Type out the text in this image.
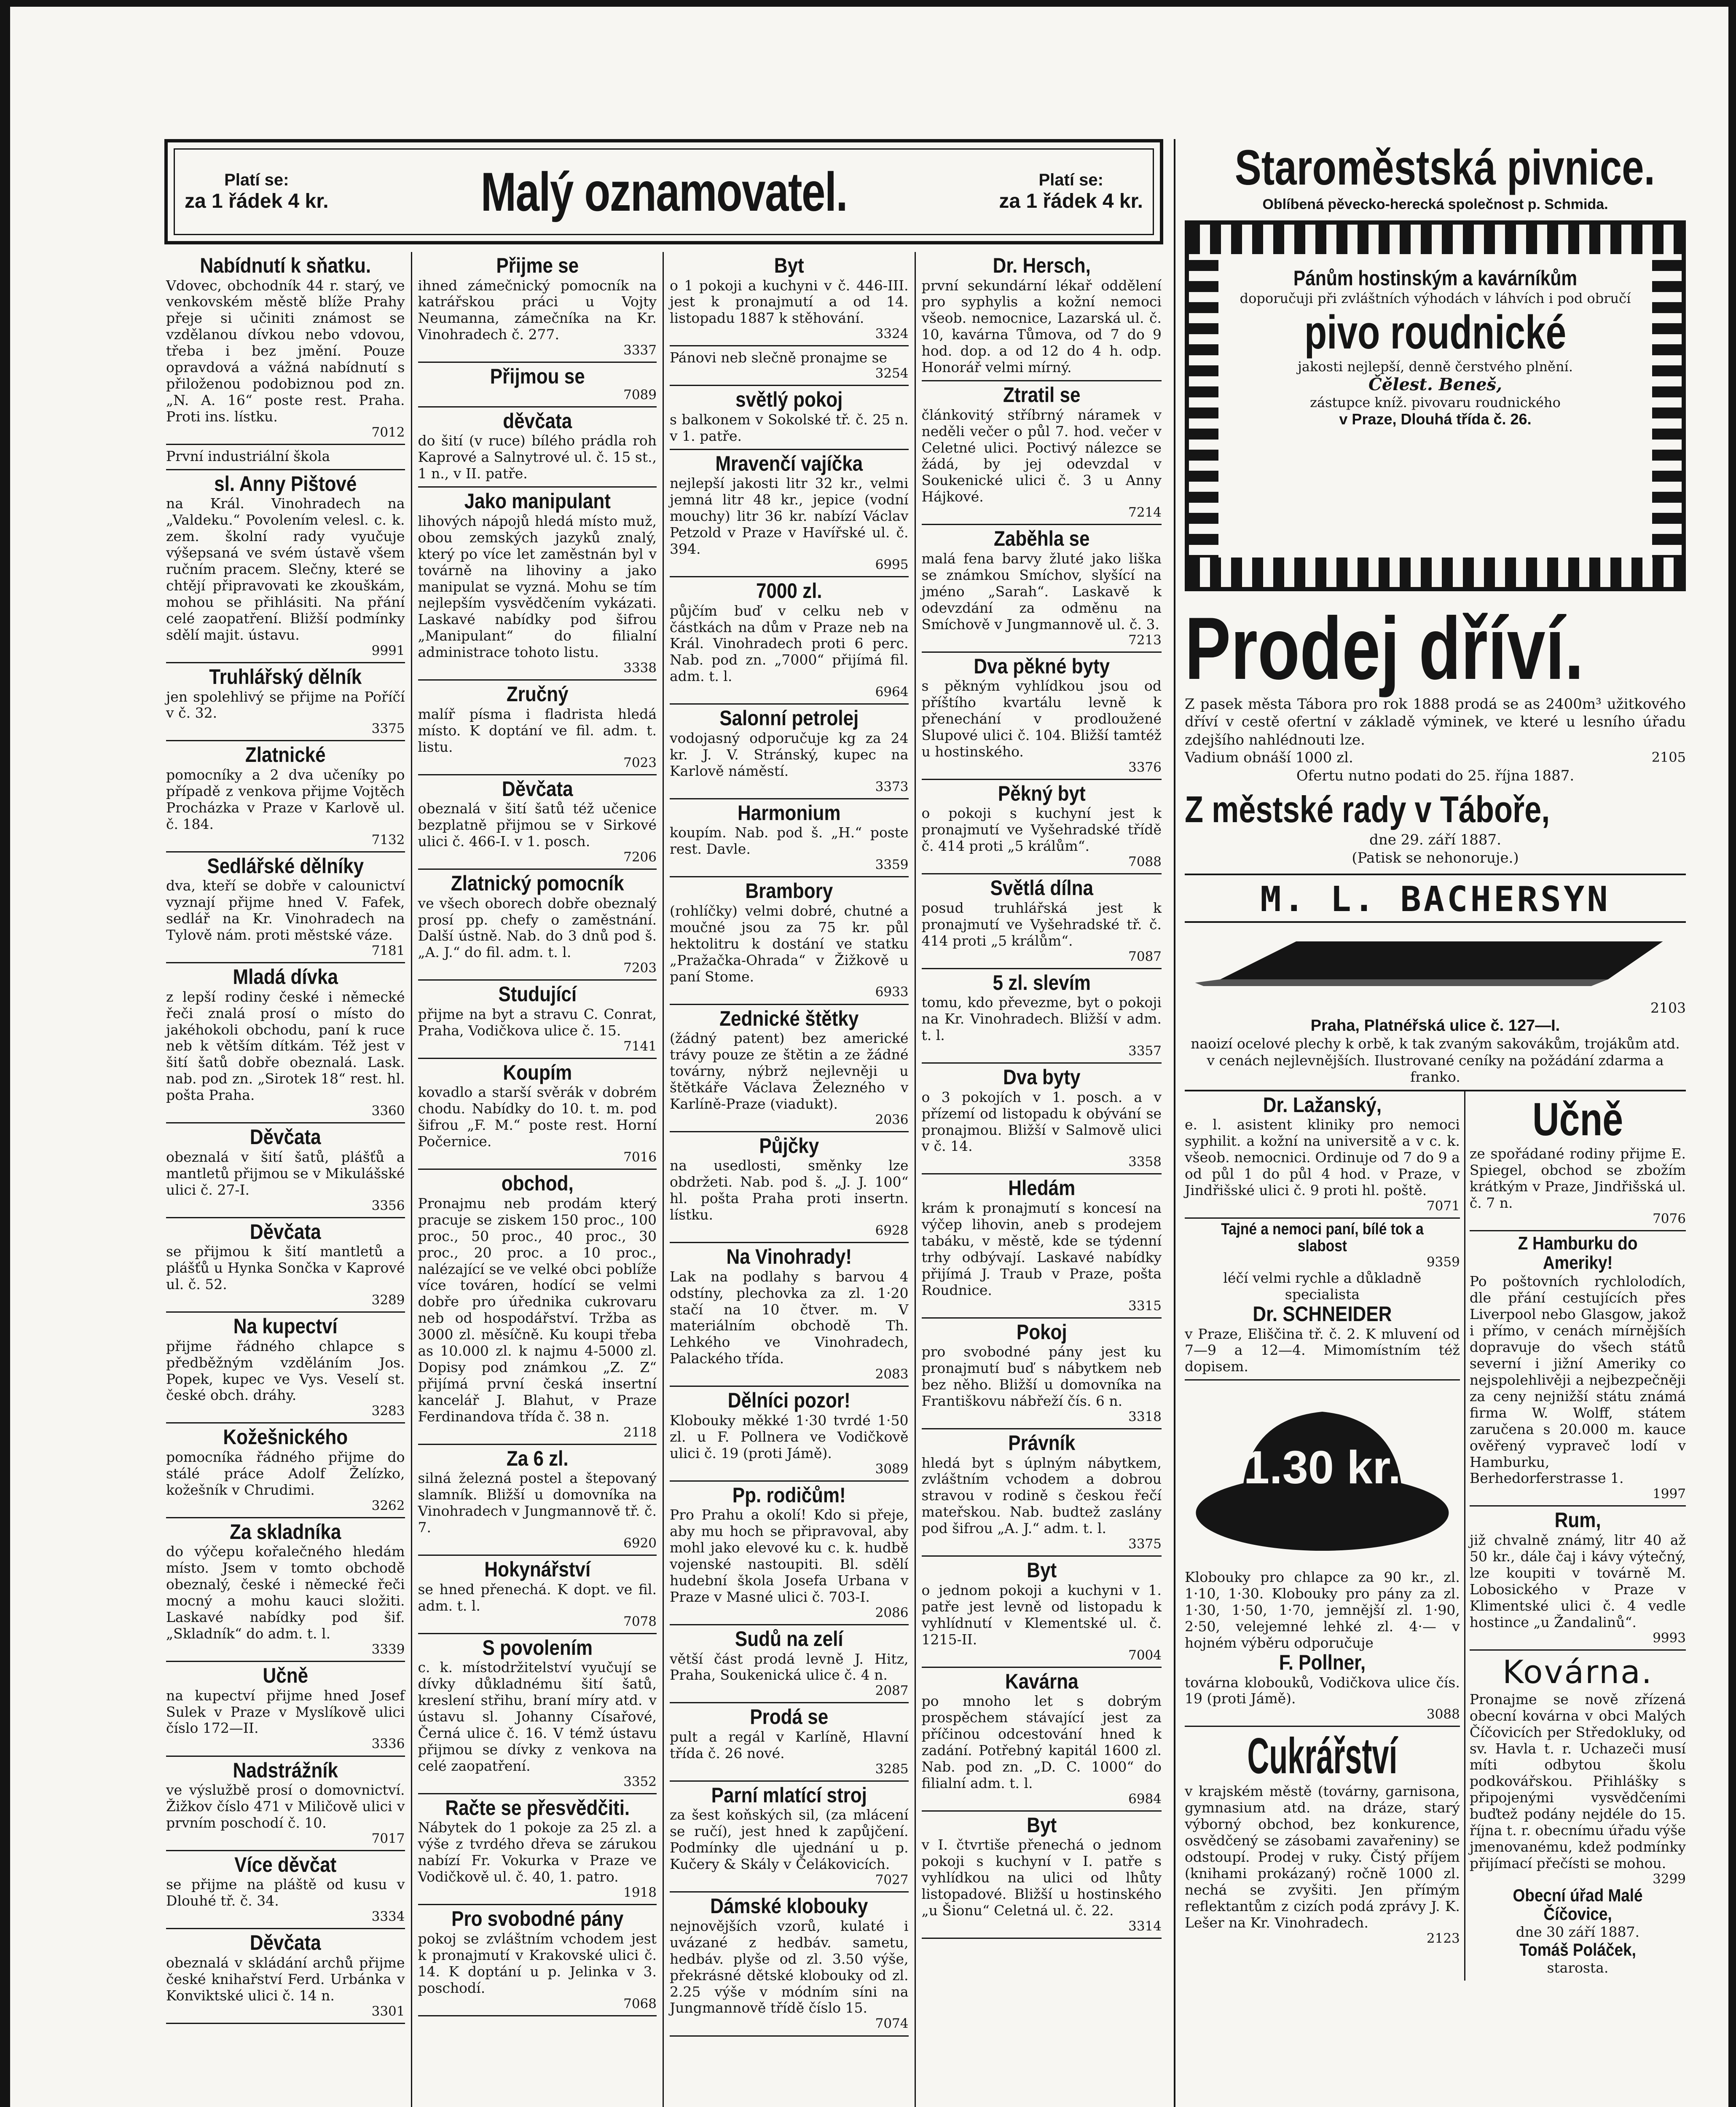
Platí se:
za 1 řádek 4 kr.	Malý oznamovatel.	Platí se:
za 1 řádek 4 kr.
Nabídnutí k sňatku.

Vdovec, obchodník 44 r. starý, ve venkovském městě blíže Prahy přeje si učiniti známost se vzdělanou dívkou nebo vdovou, třeba i bez jmění. Pouze opravdová a vážná nabídnutí s přiloženou podobiznou pod zn. „N. A. 16“ poste rest. Praha. Proti ins. lístku.

7012

První industriální škola

sl. Anny Pištové

na Král. Vinohradech na „Valdeku.“ Povolením velesl. c. k. zem. školní rady vyučuje výšepsaná ve svém ústavě všem ručním pracem. Slečny, které se chtějí připravovati ke zkouškám, mohou se přihlásiti. Na přání celé zaopatření. Bližší podmínky sdělí majit. ústavu.

9991
Truhlářský dělník

jen spolehlivý se přijme na Poříčí v č. 32.

3375
Zlatnické

pomocníky a 2 dva učeníky po případě z venkova přijme Vojtěch Procházka v Praze v Karlově ul. č. 184.

7132
Sedlářské dělníky

dva, kteří se dobře v calounictví vyznají přijme hned V. Fafek, sedlář na Kr. Vinohradech na Tylově nám. proti městské váze.

7181
Mladá dívka

z lepší rodiny české i německé řeči znalá prosí o místo do jakéhokoli obchodu, paní k ruce neb k větším dítkám. Též jest v šití šatů dobře obeznalá. Lask. nab. pod zn. „Sirotek 18“ rest. hl. pošta Praha.

3360
Děvčata

obeznalá v šití šatů, plášťů a mantletů přijmou se v Mikulášské ulici č. 27-I.

3356
Děvčata

se přijmou k šití mantletů a plášťů u Hynka Sončka v Kaprové ul. č. 52.

3289
Na kupectví

přijme řádného chlapce s předběžným vzděláním Jos. Popek, kupec ve Vys. Veselí st. české obch. dráhy.

3283
Kožešnického

pomocníka řádného přijme do stálé práce Adolf Želízko, kožešník v Chrudimi.

3262
Za skladníka

do výčepu kořalečného hledám místo. Jsem v tomto obchodě obeznalý, české i německé řeči mocný a mohu kauci složiti. Laskavé nabídky pod šif. „Skladník“ do adm. t. l.

3339
Učně

na kupectví přijme hned Josef Sulek v Praze v Myslíkově ulici číslo 172—II.

3336
Nadstrážník

ve výslužbě prosí o domovnictví. Žižkov číslo 471 v Miličově ulici v prvním poschodí č. 10.

7017
Více děvčat

se přijme na pláště od kusu v Dlouhé tř. č. 34.

3334
Děvčata

obeznalá v skládání archů přijme české knihařství Ferd. Urbánka v Konviktské ulici č. 14 n.

3301
Přijme se

ihned zámečnický pomocník na katrářskou práci u Vojty Neumanna, zámečníka na Kr. Vinohradech č. 277.

3337
Přijmou se
7089
děvčata

do šití (v ruce) bílého prádla roh Kaprové a Salnytrové ul. č. 15 st., 1 n., v II. patře.

Jako manipulant

lihových nápojů hledá místo muž, obou zemských jazyků znalý, který po více let zaměstnán byl v továrně na lihoviny a jako manipulat se vyzná. Mohu se tím nejlepším vysvědčením vykázati. Laskavé nabídky pod šifrou „Manipulant“ do filialní administrace tohoto listu.

3338
Zručný

malíř písma i fladrista hledá místo. K doptání ve fil. adm. t. listu.

7023
Děvčata

obeznalá v šití šatů též učenice bezplatně přijmou se v Sirkové ulici č. 466-I. v 1. posch.

7206
Zlatnický pomocník

ve všech oborech dobře obeznalý prosí pp. chefy o zaměstnání. Další ústně. Nab. do 3 dnů pod š. „A. J.“ do fil. adm. t. l.

7203
Studující

přijme na byt a stravu C. Conrat, Praha, Vodičkova ulice č. 15.

7141
Koupím

kovadlo a starší svěrák v dobrém chodu. Nabídky do 10. t. m. pod šifrou „F. M.“ poste rest. Horní Počernice.

7016
obchod,

Pronajmu neb prodám který pracuje se ziskem 150 proc., 100 proc., 50 proc., 40 proc., 30 proc., 20 proc. a 10 proc., nalézající se ve velké obci poblíže více továren, hodící se velmi dobře pro úřednika cukrovaru neb od hospodářství. Tržba as 3000 zl. měsíčně. Ku koupi třeba as 10.000 zl. k najmu 4-5000 zl. Dopisy pod známkou „Z. Z“ přijímá první česká insertní kancelář J. Blahut, v Praze Ferdinandova třída č. 38 n.

2118
Za 6 zl.

silná železná postel a štepovaný slamník. Bližší u domovníka na Vinohradech v Jungmannově tř. č. 7.

6920
Hokynářství

se hned přenechá. K dopt. ve fil. adm. t. l.

7078
S povolením

c. k. místodržitelství vyučují se dívky důkladnému šití šatů, kreslení střihu, braní míry atd. v ústavu sl. Johanny Císařové, Černá ulice č. 16. V témž ústavu přijmou se dívky z venkova na celé zaopatření.

3352
Račte se přesvědčiti.

Nábytek do 1 pokoje za 25 zl. a výše z tvrdého dřeva se zárukou nabízí Fr. Vokurka v Praze ve Vodičkově ul. č. 40, 1. patro.

1918
Pro svobodné pány

pokoj se zvláštním vchodem jest k pronajmutí v Krakovské ulici č. 14. K doptání u p. Jelinka v 3. poschodí.

7068
Byt

o 1 pokoji a kuchyni v č. 446-III. jest k pronajmutí a od 14. listopadu 1887 k stěhování.

3324

Pánovi neb slečně pronajme se

3254
světlý pokoj

s balkonem v Sokolské tř. č. 25 n. v 1. patře.

Mravenčí vajíčka

nejlepší jakosti litr 32 kr., velmi jemná litr 48 kr., jepice (vodní mouchy) litr 36 kr. nabízí Václav Petzold v Praze v Havířské ul. č. 394.

6995
7000 zl.

půjčím buď v celku neb v částkách na dům v Praze neb na Král. Vinohradech proti 6 perc. Nab. pod zn. „7000“ přijímá fil. adm. t. l.

6964
Salonní petrolej

vodojasný odporučuje kg za 24 kr. J. V. Stránský, kupec na Karlově náměstí.

3373
Harmonium

koupím. Nab. pod š. „H.“ poste rest. Davle.

3359
Brambory

(rohlíčky) velmi dobré, chutné a moučné jsou za 75 kr. půl hektolitru k dostání ve statku „Pražačka-Ohrada“ v Žižkově u paní Stome.

6933
Zednické štětky

(žádný patent) bez americké trávy pouze ze štětin a ze žádné továrny, nýbrž nejlevněji u štětkáře Václava Železného v Karlíně-Praze (viadukt).

2036
Půjčky

na usedlosti, směnky lze obdržeti. Nab. pod š. „J. J. 100“ hl. pošta Praha proti insertn. lístku.

6928
Na Vinohrady!

Lak na podlahy s barvou 4 odstíny, plechovka za zl. 1·20 stačí na 10 čtver. m. V materiálním obchodě Th. Lehkého ve Vinohradech, Palackého třída.

2083
Dělníci pozor!

Klobouky měkké 1·30 tvrdé 1·50 zl. u F. Pollnera ve Vodičkově ulici č. 19 (proti Jámě).

3089
Pp. rodičům!

Pro Prahu a okolí! Kdo si přeje, aby mu hoch se připravoval, aby mohl jako elevové ku c. k. hudbě vojenské nastoupiti. Bl. sdělí hudební škola Josefa Urbana v Praze v Masné ulici č. 703-I.

2086
Sudů na zelí

větší část prodá levně J. Hitz, Praha, Soukenická ulice č. 4 n.

2087
Prodá se

pult a regál v Karlíně, Hlavní třída č. 26 nové.

3285
Parní mlatící stroj

za šest koňských sil, (za mlácení se ručí), jest hned k zapůjčení. Podmínky dle ujednání u p. Kučery & Skály v Čelákovicích.

7027
Dámské klobouky

nejnovějších vzorů, kulaté i uvázané z hedbáv. sametu, hedbáv. plyše od zl. 3.50 výše, překrásné dětské klobouky od zl. 2.25 výše v módním síni na Jungmannově třídě číslo 15.

7074
Dr. Hersch,

první sekundární lékař oddělení pro syphylis a kožní nemoci všeob. nemocnice, Lazarská ul. č. 10, kavárna Tůmova, od 7 do 9 hod. dop. a od 12 do 4 h. odp. Honorář velmi mírný.

Ztratil se

článkovitý stříbrný náramek v neděli večer o půl 7. hod. večer v Celetné ulici. Poctivý nálezce se žádá, by jej odevzdal v Soukenické ulici č. 3 u Anny Hájkové.

7214
Zaběhla se

malá fena barvy žluté jako liška se známkou Smíchov, slyšící na jméno „Sarah“. Laskavě k odevzdání za odměnu na Smíchově v Jungmannově ul. č. 3.

7213
Dva pěkné byty

s pěkným vyhlídkou jsou od příštího kvartálu levně k přenechání v prodloužené Slupové ulici č. 104. Bližší tamtéž u hostinského.

3376
Pěkný byt

o pokoji s kuchyní jest k pronajmutí ve Vyšehradské třídě č. 414 proti „5 králům“.

7088
Světlá dílna

posud truhlářská jest k pronajmutí ve Vyšehradské tř. č. 414 proti „5 králům“.

7087
5 zl. slevím

tomu, kdo převezme, byt o pokoji na Kr. Vinohradech. Bližší v adm. t. l.

3357
Dva byty

o 3 pokojích v 1. posch. a v přízemí od listopadu k obývání se pronajmou. Bližší v Salmově ulici v č. 14.

3358
Hledám

krám k pronajmutí s koncesí na výčep lihovin, aneb s prodejem tabáku, v městě, kde se týdenní trhy odbývají. Laskavé nabídky přijímá J. Traub v Praze, pošta Roudnice.

3315
Pokoj

pro svobodné pány jest ku pronajmutí buď s nábytkem neb bez něho. Bližší u domovníka na Františkovu nábřeží čís. 6 n.

3318
Právník

hledá byt s úplným nábytkem, zvláštním vchodem a dobrou stravou v rodině s českou řečí mateřskou. Nab. budtež zaslány pod šifrou „A. J.“ adm. t. l.

3375
Byt

o jednom pokoji a kuchyni v 1. patře jest levně od listopadu k vyhlídnutí v Klementské ul. č. 1215-II.

7004
Kavárna

po mnoho let s dobrým prospěchem stávající jest za příčinou odcestování hned k zadání. Potřebný kapitál 1600 zl. Nab. pod zn. „D. C. 1000“ do filialní adm. t. l.

6984
Byt

v I. čtvrtiše přenechá o jednom pokoji s kuchyní v I. patře s vyhlídkou na ulici od lhůty listopadové. Bližší u hostinského „u Šionu“ Celetná ul. č. 22.

3314
Staroměstská pivnice.

Oblíbená pěvecko-herecká společnost p. Schmida.

Pánům hostinským a kavárníkům
doporučuji při zvláštních výhodách v láhvích i pod obručí
pivo roudnické
jakosti nejlepší, denně čerstvého plnění.
Čělest. Beneš,
zástupce kníž. pivovaru roudnického
v Praze, Dlouhá třída č. 26.
Prodej dříví.

Z pasek města Tábora pro rok 1888 prodá se as 2400m³ užitkového dříví v cestě ofertní v základě výminek, ve které u lesního úřadu zdejšího nahlédnouti lze.

Vadium obnáší 1000 zl.	2105

Ofertu nutno podati do 25. října 1887.

Z městské rady v Táboře,

dne 29. září 1887.

(Patisk se nehonoruje.)

M. L. BACHERSYN

2103

Praha, Platnéřská ulice č. 127—I.

naoizí ocelové plechy k orbě, k tak zvaným sakovákům, trojákům atd. v cenách nejlevnějších. Ilustrované ceníky na požádání zdarma a franko.

Dr. Lažanský,

e. l. asistent kliniky pro nemoci syphilit. a kožní na universitě a v c. k. všeob. nemocnici. Ordinuje od 7 do 9 a od půl 1 do půl 4 hod. v Praze, v Jindřišské ulici č. 9 proti hl. poště.

7071
Tajné a nemoci paní, bílé tok a slabost
9359

léčí velmi rychle a důkladně specialista

Dr. SCHNEIDER

v Praze, Eliščina tř. č. 2. K mluvení od 7—9 a 12—4. Mimomístním též dopisem.

1.30 kr.

Klobouky pro chlapce za 90 kr., zl. 1·10, 1·30. Klobouky pro pány za zl. 1·30, 1·50, 1·70, jemnější zl. 1·90, 2·50, velejemné lehké zl. 4·— v hojném výběru odporučuje

F. Pollner,

továrna klobouků, Vodičkova ulice čís. 19 (proti Jámě).

3088
Cukrářství

v krajském městě (továrny, garnisona, gymnasium atd. na dráze, starý výborný obchod, bez konkurence, osvědčený se zásobami zavařeniny) se odstoupí. Prodej v ruky. Čistý příjem (knihami prokázaný) ročně 1000 zl. nechá se zvyšiti. Jen přímým reflektantům z cizích podá zprávy J. K. Lešer na Kr. Vinohradech.

2123
Učně

ze spořádané rodiny přijme E. Spiegel, obchod se zbožím krátkým v Praze, Jindřišská ul. č. 7 n.

7076
Z Hamburku do Ameriky!

Po poštovních rychlolodích, dle přání cestujících přes Liverpool nebo Glasgow, jakož i přímo, v cenách mírnějších dopravuje do všech států severní i jižní Ameriky co nejspolehlivěji a nejbezpečněji za ceny nejnižší státu známá firma W. Wolff, státem zaručena s 20.000 m. kauce ověřený vypraveč lodí v Hamburku, Berhedorferstrasse 1.

1997
Rum,

již chvalně známý, litr 40 až 50 kr., dále čaj i kávy výtečný, lze koupiti v továrně M. Lobosického v Praze v Klimentské ulici č. 4 vedle hostince „u Žandalinů“.

9993
Kovárna.

Pronajme se nově zřízená obecní kovárna v obci Malých Číčovicích per Středokluky, od sv. Havla t. r. Uchazeči musí míti odbytou školu podkovářskou. Přihlášky s připojenými vysvědčeními buďtež podány nejdéle do 15. října t. r. obecnímu úřadu výše jmenovanému, kdež podmínky přijímací přečísti se mohou.

3299
Obecní úřad Malé Číčovice,

dne 30 září 1887.

Tomáš Poláček,

starosta.
